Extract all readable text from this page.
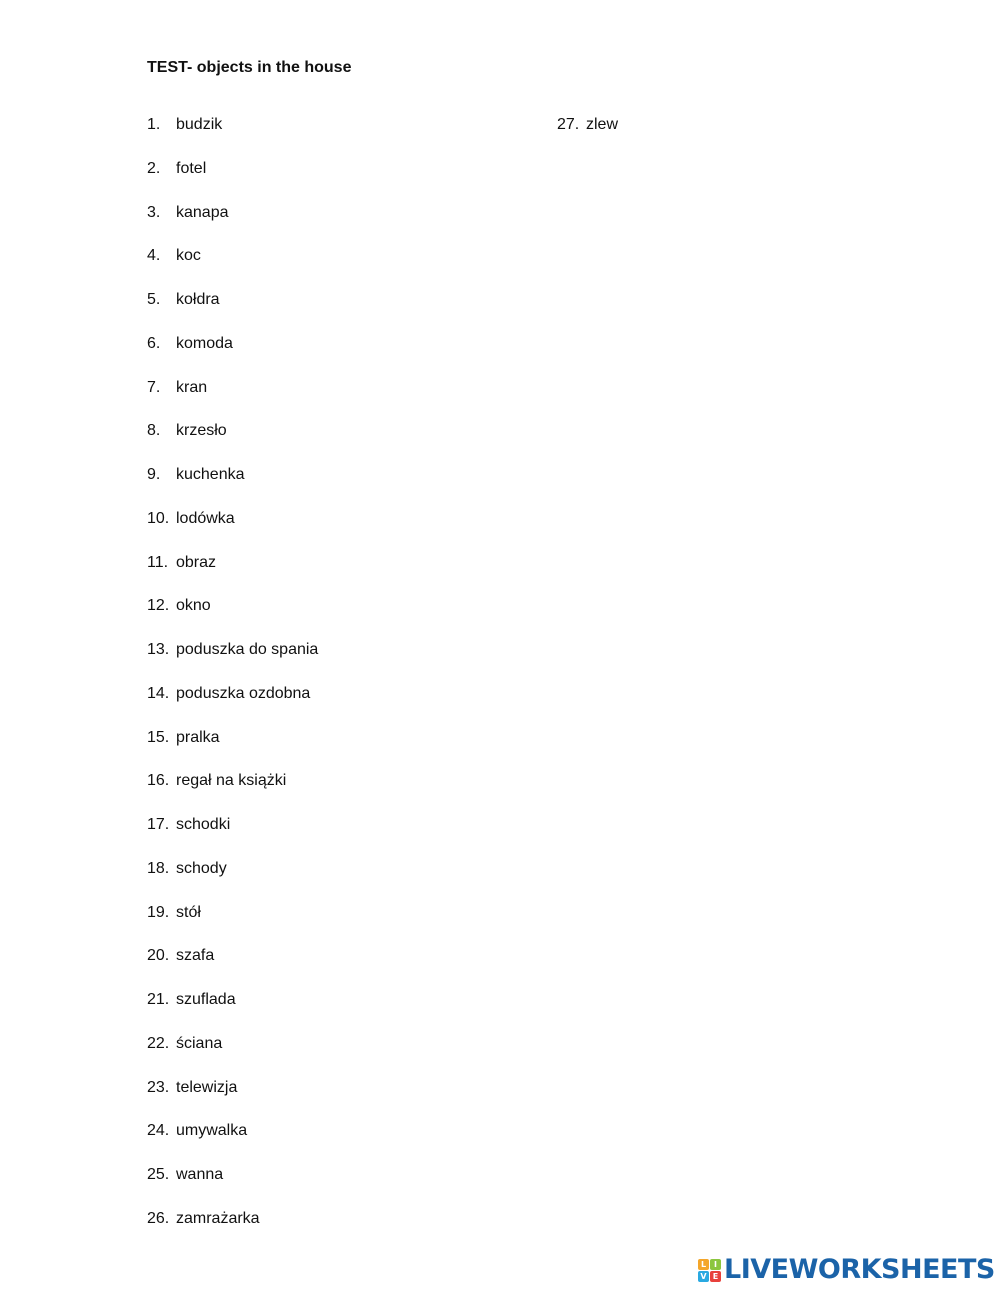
TEST- objects in the house
1. budzik
2. fotel
3. kanapa
4. koc
5. kołdra
6. komoda
7. kran
8. krzesło
9. kuchenka
10. lodówka
11. obraz
12. okno
13. poduszka do spania
14. poduszka ozdobna
15. pralka
16. regał na książki
17. schodki
18. schody
19. stół
20. szafa
21. szuflada
22. ściana
23. telewizja
24. umywalka
25. wanna
26. zamrażarka
27. zlew
L I
V E LIVEWORKSHEETS
